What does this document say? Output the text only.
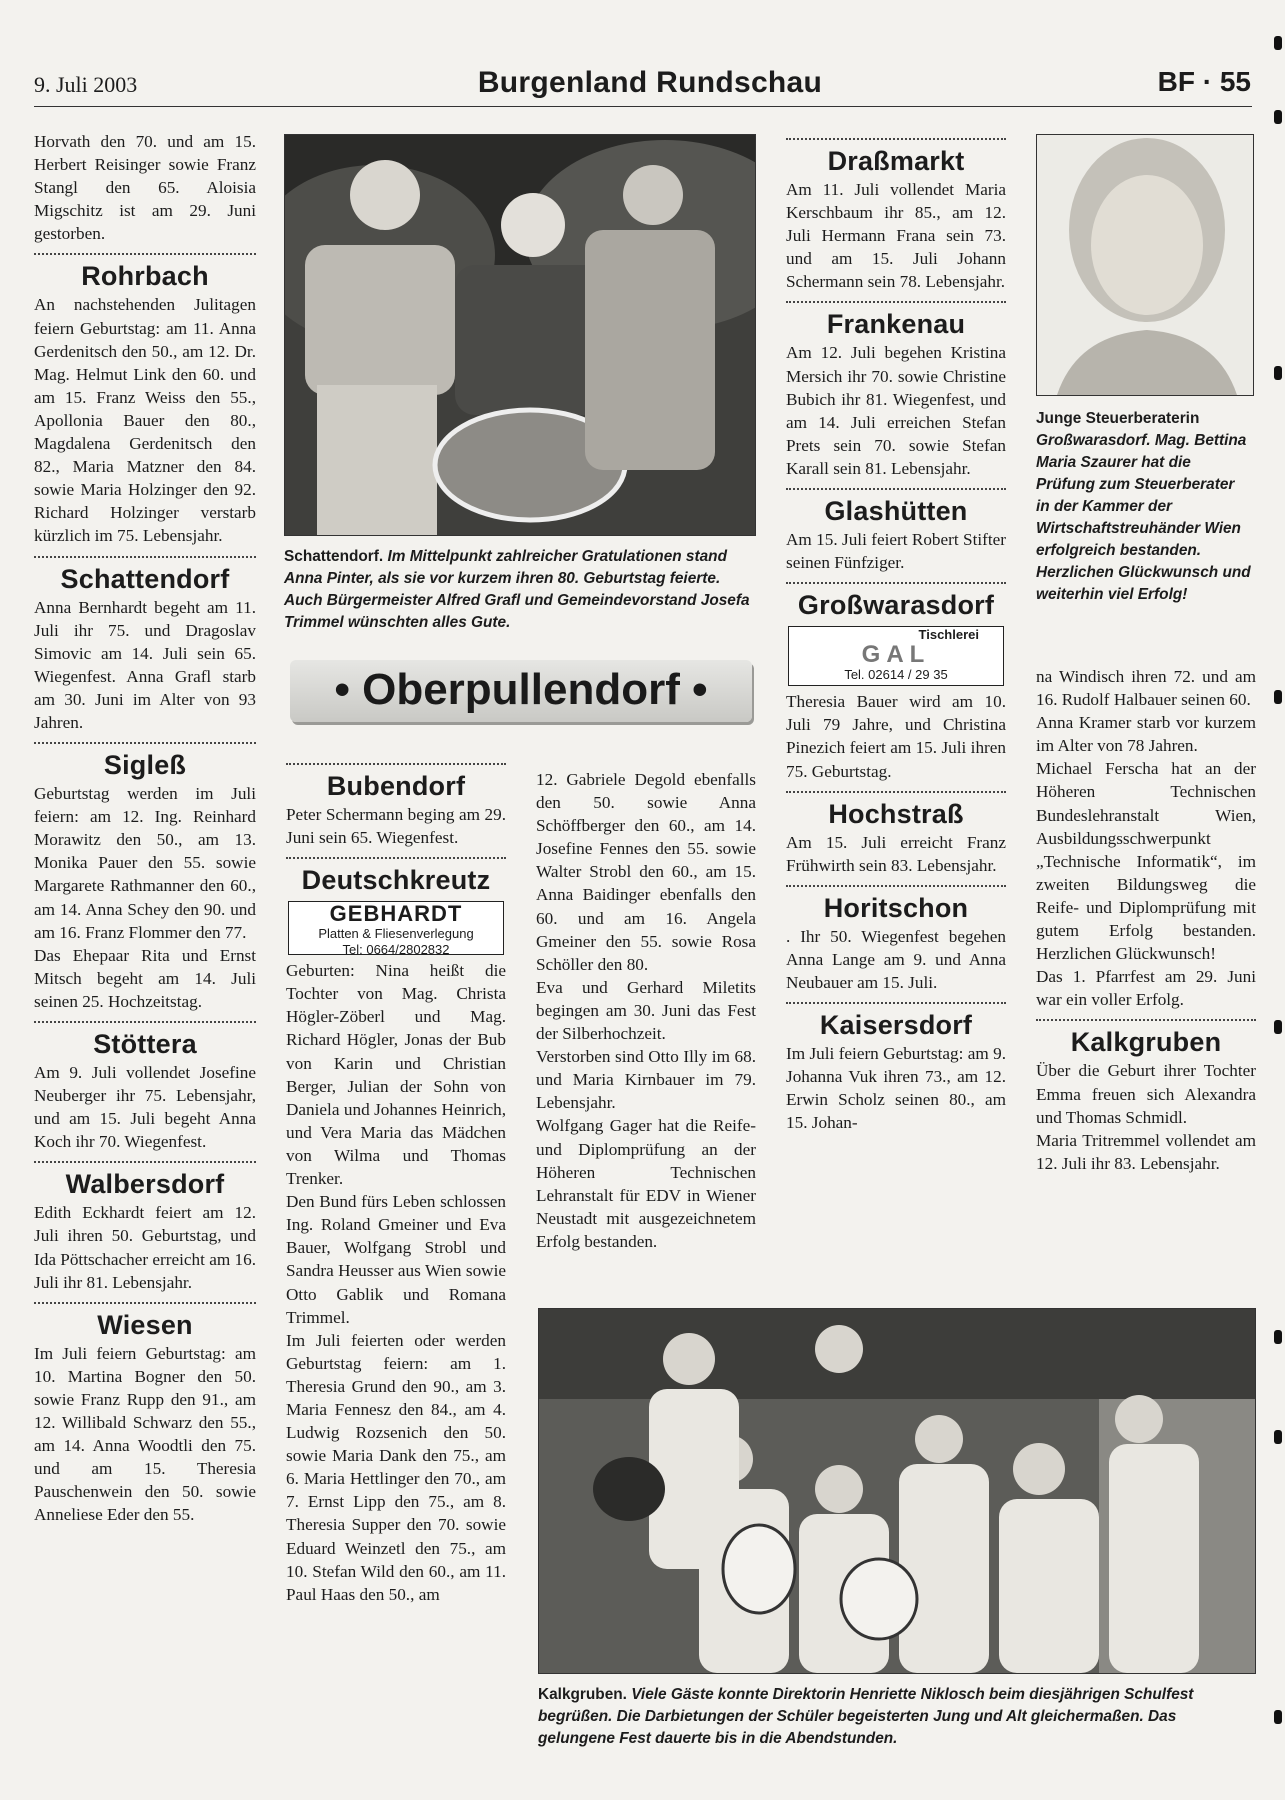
9. Juli 2003	Burgenland Rundschau	BF · 55

Horvath den 70. und am 15. Herbert Reisinger sowie Franz Stangl den 65. Aloisia Migschitz ist am 29. Juni gestorben.

Rohrbach

An nachstehenden Julitagen feiern Geburtstag: am 11. Anna Gerdenitsch den 50., am 12. Dr. Mag. Helmut Link den 60. und am 15. Franz Weiss den 55., Apollonia Bauer den 80., Magdalena Gerdenitsch den 82., Maria Matzner den 84. sowie Maria Holzinger den 92. Richard Holzinger verstarb kürzlich im 75. Lebensjahr.

Schattendorf

Anna Bernhardt begeht am 11. Juli ihr 75. und Dragoslav Simovic am 14. Juli sein 65. Wiegenfest. Anna Grafl starb am 30. Juni im Alter von 93 Jahren.

Sigleß

Geburtstag werden im Juli feiern: am 12. Ing. Reinhard Morawitz den 50., am 13. Monika Pauer den 55. sowie Margarete Rathmanner den 60., am 14. Anna Schey den 90. und am 16. Franz Flommer den 77.

Das Ehepaar Rita und Ernst Mitsch begeht am 14. Juli seinen 25. Hochzeitstag.

Stöttera

Am 9. Juli vollendet Josefine Neuberger ihr 75. Lebensjahr, und am 15. Juli begeht Anna Koch ihr 70. Wiegenfest.

Walbersdorf

Edith Eckhardt feiert am 12. Juli ihren 50. Geburtstag, und Ida Pöttschacher erreicht am 16. Juli ihr 81. Lebensjahr.

Wiesen

Im Juli feiern Geburtstag: am 10. Martina Bogner den 50. sowie Franz Rupp den 91., am 12. Willibald Schwarz den 55., am 14. Anna Woodtli den 75. und am 15. Theresia Pauschenwein den 50. sowie Anneliese Eder den 55.

Schattendorf. Im Mittelpunkt zahlreicher Gratulationen stand Anna Pinter, als sie vor kurzem ihren 80. Geburtstag feierte. Auch Bürgermeister Alfred Grafl und Gemeindevorstand Josefa Trimmel wünschten alles Gute.
• Oberpullendorf •
Bubendorf

Peter Schermann beging am 29. Juni sein 65. Wiegenfest.

Deutschkreutz
GEBHARDT
Platten & Fliesenverlegung
Tel: 0664/2802832

Geburten: Nina heißt die Tochter von Mag. Christa Högler-Zöberl und Mag. Richard Högler, Jonas der Bub von Karin und Christian Berger, Julian der Sohn von Daniela und Johannes Heinrich, und Vera Maria das Mädchen von Wilma und Thomas Trenker.

Den Bund fürs Leben schlossen Ing. Roland Gmeiner und Eva Bauer, Wolfgang Strobl und Sandra Heusser aus Wien sowie Otto Gablik und Romana Trimmel.

Im Juli feierten oder werden Geburtstag feiern: am 1. Theresia Grund den 90., am 3. Maria Fennesz den 84., am 4. Ludwig Rozsenich den 50. sowie Maria Dank den 75., am 6. Maria Hettlinger den 70., am 7. Ernst Lipp den 75., am 8. Theresia Supper den 70. sowie Eduard Weinzetl den 75., am 10. Stefan Wild den 60., am 11. Paul Haas den 50., am

12. Gabriele Degold ebenfalls den 50. sowie Anna Schöffberger den 60., am 14. Josefine Fennes den 55. sowie Walter Strobl den 60., am 15. Anna Baidinger ebenfalls den 60. und am 16. Angela Gmeiner den 55. sowie Rosa Schöller den 80.

Eva und Gerhard Miletits begingen am 30. Juni das Fest der Silberhochzeit.

Verstorben sind Otto Illy im 68. und Maria Kirnbauer im 79. Lebensjahr.

Wolfgang Gager hat die Reife- und Diplomprüfung an der Höheren Technischen Lehranstalt für EDV in Wiener Neustadt mit ausgezeichnetem Erfolg bestanden.

Draßmarkt

Am 11. Juli vollendet Maria Kerschbaum ihr 85., am 12. Juli Hermann Frana sein 73. und am 15. Juli Johann Schermann sein 78. Lebensjahr.

Frankenau

Am 12. Juli begehen Kristina Mersich ihr 70. sowie Christine Bubich ihr 81. Wiegenfest, und am 14. Juli erreichen Stefan Prets sein 70. sowie Stefan Karall sein 81. Lebensjahr.

Glashütten

Am 15. Juli feiert Robert Stifter seinen Fünfziger.

Großwarasdorf
Tischlerei
GAL
Tel. 02614 / 29 35

Theresia Bauer wird am 10. Juli 79 Jahre, und Christina Pinezich feiert am 15. Juli ihren 75. Geburtstag.

Hochstraß

Am 15. Juli erreicht Franz Frühwirth sein 83. Lebensjahr.

Horitschon

. Ihr 50. Wiegenfest begehen Anna Lange am 9. und Anna Neubauer am 15. Juli.

Kaisersdorf

Im Juli feiern Geburtstag: am 9. Johanna Vuk ihren 73., am 12. Erwin Scholz seinen 80., am 15. Johan-

Junge Steuerberaterin
Großwarasdorf. Mag. Bettina Maria Szaurer hat die Prüfung zum Steuerberater in der Kammer der Wirtschaftstreuhänder Wien erfolgreich bestanden. Herzlichen Glückwunsch und weiterhin viel Erfolg!

na Windisch ihren 72. und am 16. Rudolf Halbauer seinen 60.

Anna Kramer starb vor kurzem im Alter von 78 Jahren.

Michael Ferscha hat an der Höheren Technischen Bundeslehranstalt Wien, Ausbildungsschwerpunkt „Technische Informatik“, im zweiten Bildungsweg die Reife- und Diplomprüfung mit gutem Erfolg bestanden. Herzlichen Glückwunsch!

Das 1. Pfarrfest am 29. Juni war ein voller Erfolg.

Kalkgruben

Über die Geburt ihrer Tochter Emma freuen sich Alexandra und Thomas Schmidl.

Maria Tritremmel vollendet am 12. Juli ihr 83. Lebensjahr.

Kalkgruben. Viele Gäste konnte Direktorin Henriette Niklosch beim diesjährigen Schulfest begrüßen. Die Darbietungen der Schüler begeisterten Jung und Alt gleichermaßen. Das gelungene Fest dauerte bis in die Abendstunden.
